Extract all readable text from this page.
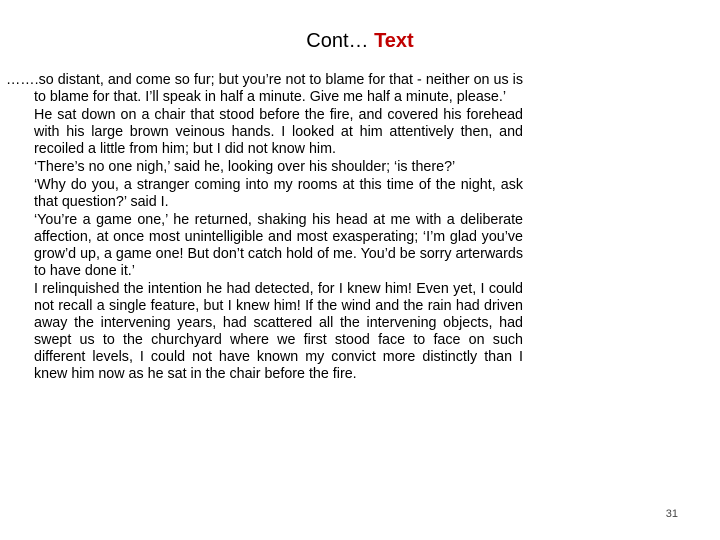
Cont… Text

…….so distant, and come so fur; but you’re not to blame for that - neither on us is to blame for that. I’ll speak in half a minute. Give me half a minute, please.’

He sat down on a chair that stood before the fire, and covered his forehead with his large brown veinous hands. I looked at him attentively then, and recoiled a little from him; but I did not know him.

‘There’s no one nigh,’ said he, looking over his shoulder; ‘is there?’

‘Why do you, a stranger coming into my rooms at this time of the night, ask that question?’ said I.

‘You’re a game one,’ he returned, shaking his head at me with a deliberate affection, at once most unintelligible and most exasperating; ‘I’m glad you’ve grow’d up, a game one! But don’t catch hold of me. You’d be sorry arterwards to have done it.’

I relinquished the intention he had detected, for I knew him! Even yet, I could not recall a single feature, but I knew him! If the wind and the rain had driven away the intervening years, had scattered all the intervening objects, had swept us to the churchyard where we first stood face to face on such different levels, I could not have known my convict more distinctly than I knew him now as he sat in the chair before the fire.

31
